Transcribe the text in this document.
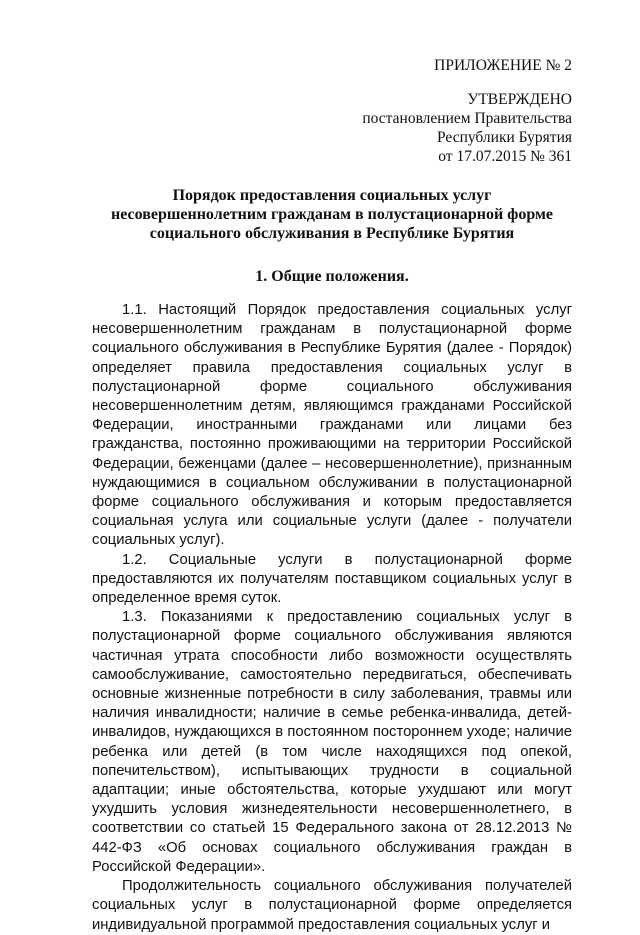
ПРИЛОЖЕНИЕ № 2

УТВЕРЖДЕНО
постановлением Правительства
Республики Бурятия
от 17.07.2015 № 361
Порядок предоставления социальных услуг несовершеннолетним гражданам в полустационарной форме социального обслуживания в Республике Бурятия
1. Общие положения.

1.1. Настоящий Порядок предоставления социальных услуг несовершеннолетним гражданам в полустационарной форме социального обслуживания в Республике Бурятия (далее - Порядок) определяет правила предоставления социальных услуг в полустационарной форме социального обслуживания несовершеннолетним детям, являющимся гражданами Российской Федерации, иностранными гражданами или лицами без гражданства, постоянно проживающими на территории Российской Федерации, беженцами (далее – несовершеннолетние), признанным нуждающимися в социальном обслуживании в полустационарной форме социального обслуживания и которым предоставляется социальная услуга или социальные услуги (далее - получатели социальных услуг).

1.2. Социальные услуги в полустационарной форме предоставляются их получателям поставщиком социальных услуг в определенное время суток.

1.3. Показаниями к предоставлению социальных услуг в полустационарной форме социального обслуживания являются частичная утрата способности либо возможности осуществлять самообслуживание, самостоятельно передвигаться, обеспечивать основные жизненные потребности в силу заболевания, травмы или наличия инвалидности; наличие в семье ребенка-инвалида, детей-инвалидов, нуждающихся в постоянном постороннем уходе; наличие ребенка или детей (в том числе находящихся под опекой, попечительством), испытывающих трудности в социальной адаптации; иные обстоятельства, которые ухудшают или могут ухудшить условия жизнедеятельности несовершеннолетнего, в соответствии со статьей 15 Федерального закона от 28.12.2013 № 442-ФЗ «Об основах социального обслуживания граждан в Российской Федерации».

Продолжительность социального обслуживания получателей социальных услуг в полустационарной форме определяется индивидуальной программой предоставления социальных услуг и
